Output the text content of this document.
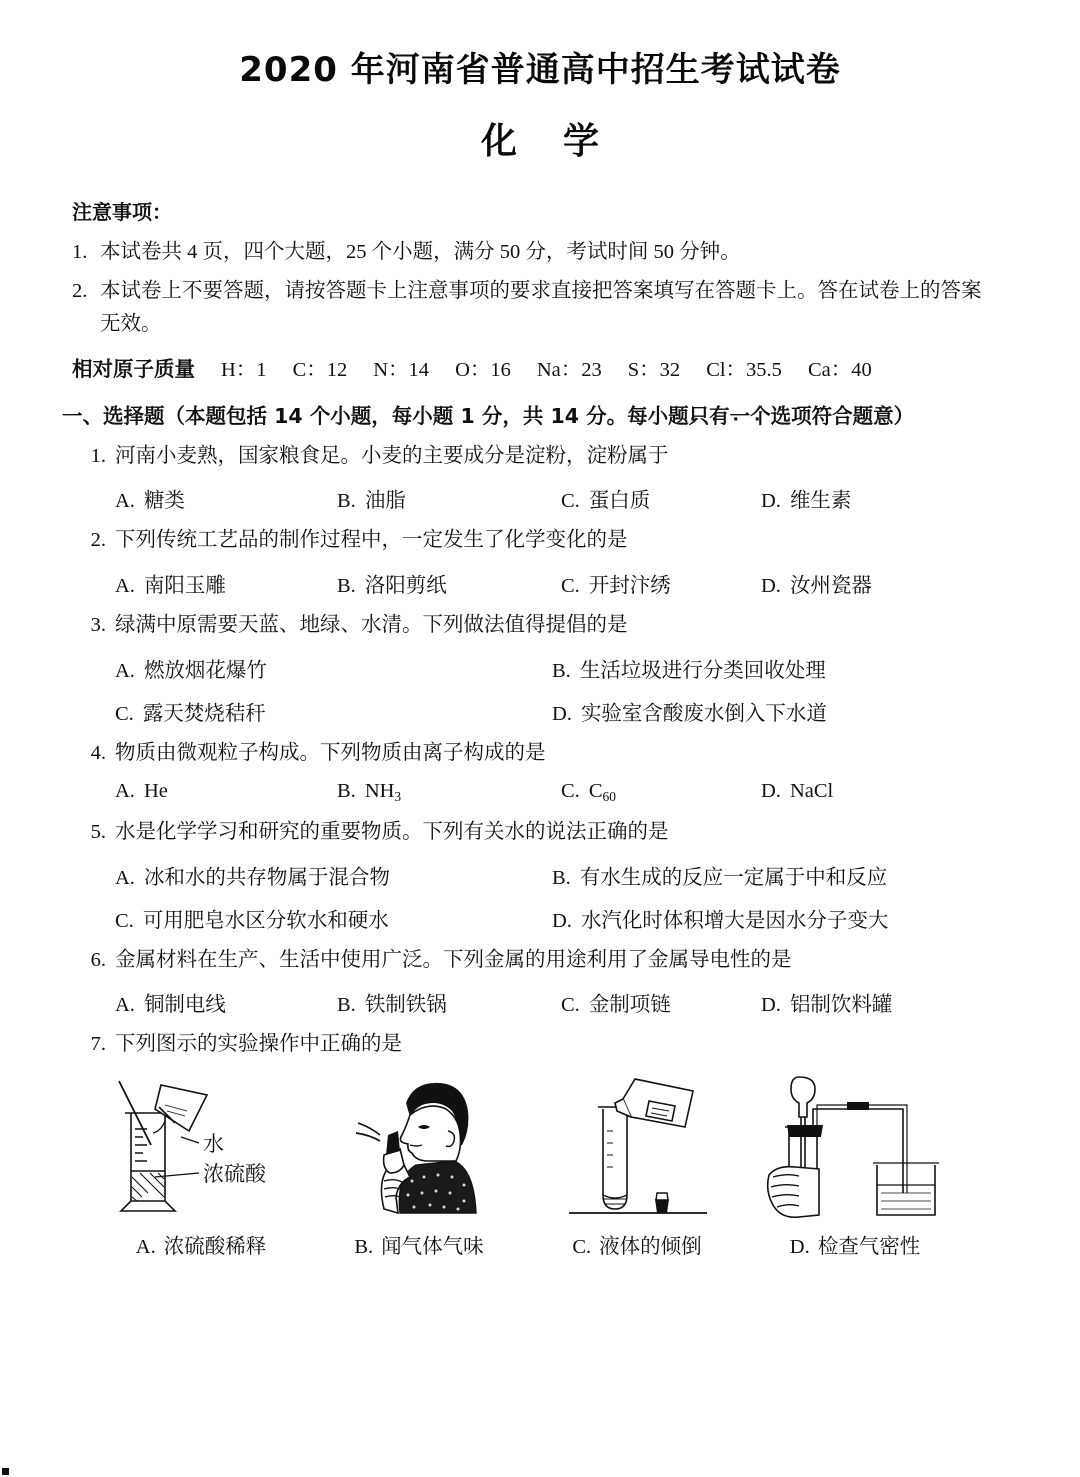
2020 年河南省普通高中招生考试试卷
化 学
注意事项：
1. 本试卷共 4 页，四个大题，25 个小题，满分 50 分，考试时间 50 分钟。
2. 本试卷上不要答题，请按答题卡上注意事项的要求直接把答案填写在答题卡上。答在试卷上的答案无效。
相对原子质量 H：1 C：12 N：14 O：16 Na：23 S：32 Cl：35.5 Ca：40
一、选择题（本题包括 14 个小题，每小题 1 分，共 14 分。每小题只有一个 ·　·　·　·选项符合题意）
1. 河南小麦熟，国家粮食足。小麦的主要成分是淀粉，淀粉属于
A. 糖类	B. 油脂	C. 蛋白质	D. 维生素
2. 下列传统工艺品的制作过程中，一定发生了化学变化的是
A. 南阳玉雕	B. 洛阳剪纸	C. 开封汴绣	D. 汝州瓷器
3. 绿满中原需要天蓝、地绿、水清。下列做法值得提倡的是
A. 燃放烟花爆竹	B. 生活垃圾进行分类回收处理
C. 露天焚烧秸秆	D. 实验室含酸废水倒入下水道
4. 物质由微观粒子构成。下列物质由离子构成的是
A. He	B. $NH_3$	C. $C_{60}$	D. NaCl
5. 水是化学学习和研究的重要物质。下列有关水的说法正确的是
A. 冰和水的共存物属于混合物	B. 有水生成的反应一定属于中和反应
C. 可用肥皂水区分软水和硬水	D. 水汽化时体积增大是因水分子变大
6. 金属材料在生产、生活中使用广泛。下列金属的用途利用了金属导电性的是
A. 铜制电线	B. 铁制铁锅	C. 金制项链	D. 铝制饮料罐
7. 下列图示的实验操作中正确的是
水
浓硫酸
A. 浓硫酸稀释	B. 闻气体气味	C. 液体的倾倒	D. 检查气密性
